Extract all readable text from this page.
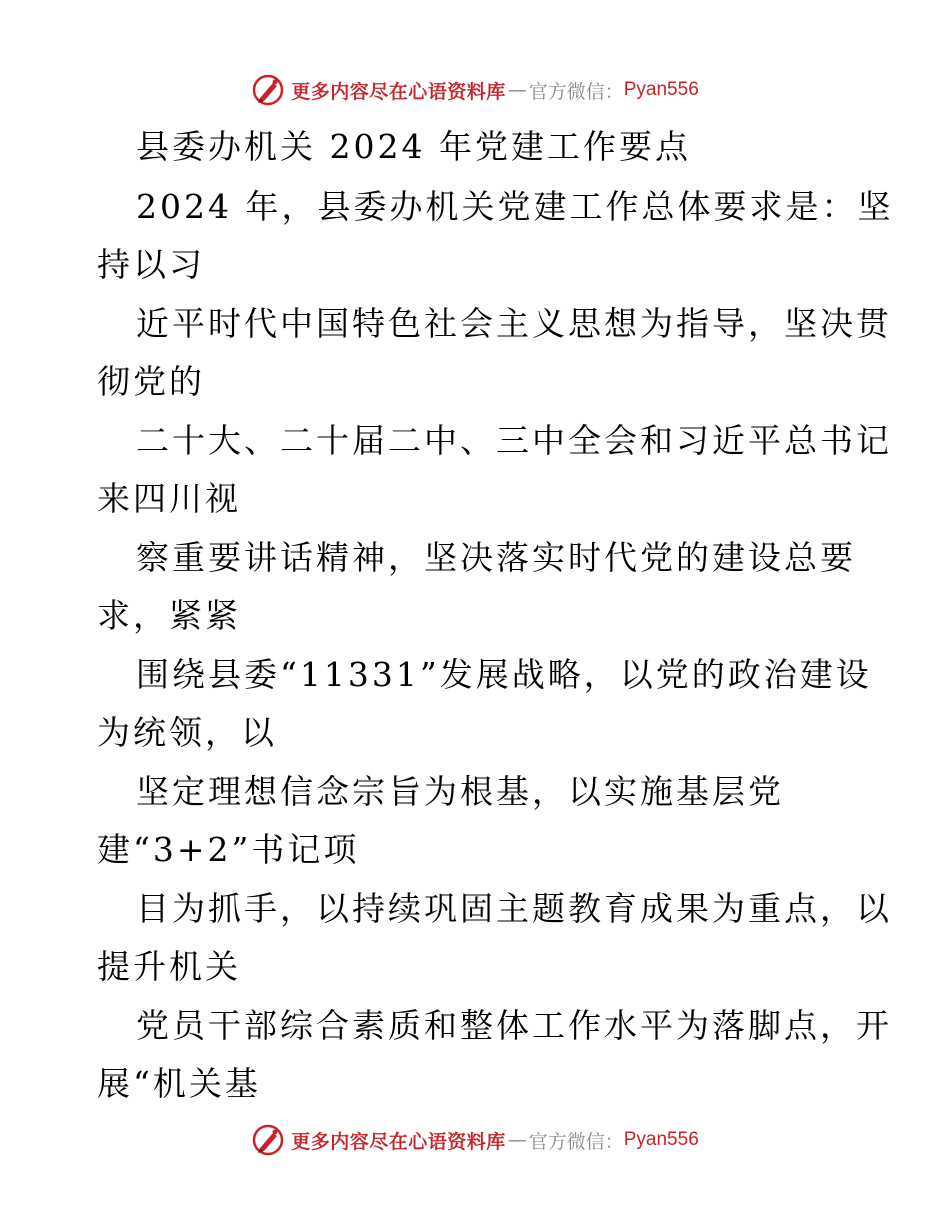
更多内容尽在心语资料库 — 官方微信： Pyan556
县委办机关 2024 年党建工作要点
2024 年，县委办机关党建工作总体要求是：坚
持以习
近平时代中国特色社会主义思想为指导，坚决贯
彻党的
二十大、二十届二中、三中全会和习近平总书记
来四川视
察重要讲话精神，坚决落实时代党的建设总要
求，紧紧
围绕县委“11331”发展战略，以党的政治建设
为统领，以
坚定理想信念宗旨为根基，以实施基层党
建“3+2”书记项
目为抓手，以持续巩固主题教育成果为重点，以
提升机关
党员干部综合素质和整体工作水平为落脚点，开
展“机关基
更多内容尽在心语资料库 — 官方微信： Pyan556
